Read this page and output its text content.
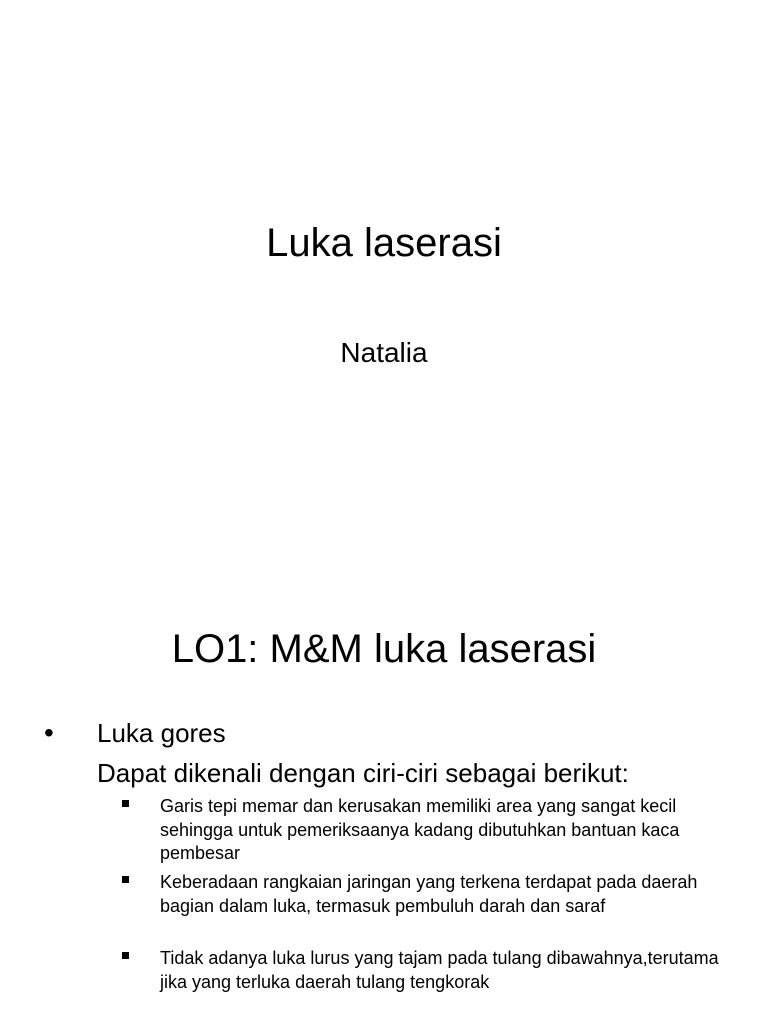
Luka laserasi
Natalia
LO1: M&M luka laserasi
• Luka gores
Dapat dikenali dengan ciri-ciri sebagai berikut:
Garis tepi memar dan kerusakan memiliki area yang sangat kecil sehingga untuk pemeriksaanya kadang dibutuhkan bantuan kaca pembesar
Keberadaan rangkaian jaringan yang terkena terdapat pada daerah bagian dalam luka, termasuk pembuluh darah dan saraf
Tidak adanya luka lurus yang tajam pada tulang dibawahnya,terutama jika yang terluka daerah tulang tengkorak
